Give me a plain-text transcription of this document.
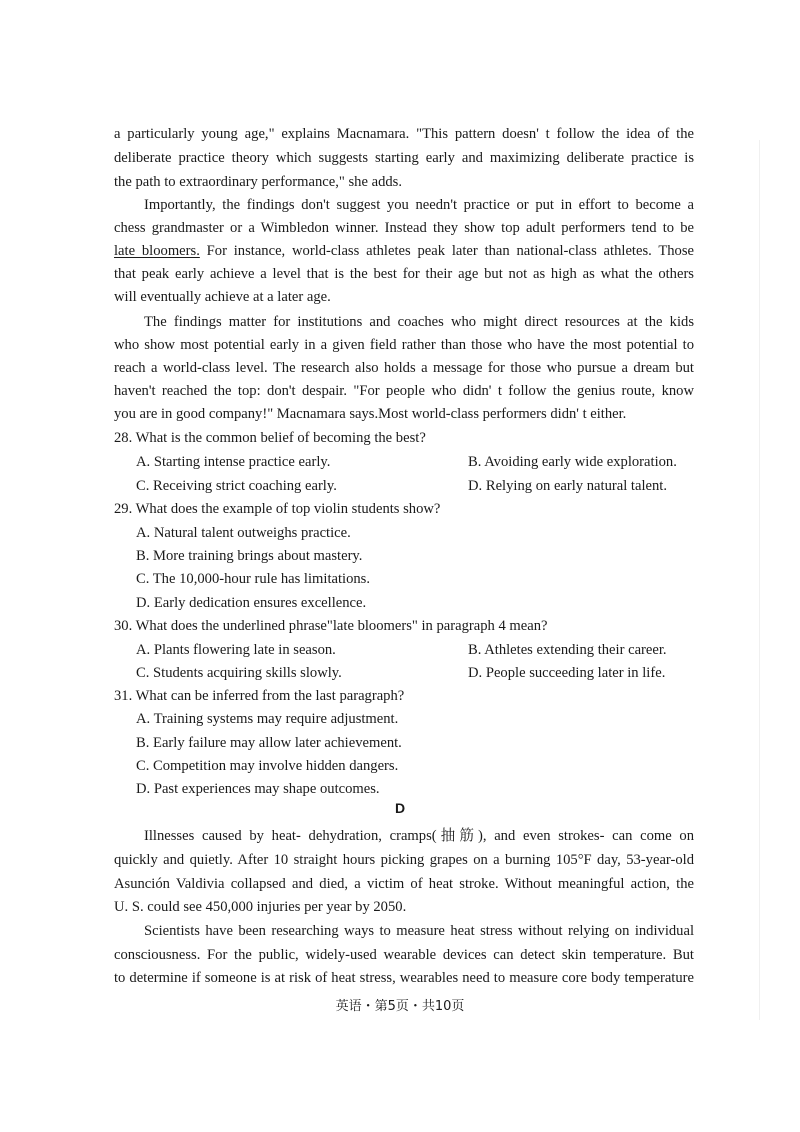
a particularly young age," explains Macnamara. "This pattern doesn' t follow the idea of the
deliberate practice theory which suggests starting early and maximizing deliberate practice is
the path to extraordinary performance," she adds.
Importantly, the findings don't suggest you needn't practice or put in effort to become a
chess grandmaster or a Wimbledon winner. Instead they show top adult performers tend to be
late bloomers. For instance, world-class athletes peak later than national-class athletes. Those
that peak early achieve a level that is the best for their age but not as high as what the others
will eventually achieve at a later age.
The findings matter for institutions and coaches who might direct resources at the kids
who show most potential early in a given field rather than those who have the most potential to
reach a world-class level. The research also holds a message for those who pursue a dream but
haven't reached the top: don't despair. "For people who didn' t follow the genius route, know
you are in good company!" Macnamara says.Most world-class performers didn' t either.
28. What is the common belief of becoming the best?
A. Starting intense practice early.	B. Avoiding early wide exploration.
C. Receiving strict coaching early.	D. Relying on early natural talent.
29. What does the example of top violin students show?
A. Natural talent outweighs practice.
B. More training brings about mastery.
C. The 10,000-hour rule has limitations.
D. Early dedication ensures excellence.
30. What does the underlined phrase"late bloomers" in paragraph 4 mean?
A. Plants flowering late in season.	B. Athletes extending their career.
C. Students acquiring skills slowly.	D. People succeeding later in life.
31. What can be inferred from the last paragraph?
A. Training systems may require adjustment.
B. Early failure may allow later achievement.
C. Competition may involve hidden dangers.
D. Past experiences may shape outcomes.
D
Illnesses caused by heat- dehydration, cramps(抽筋), and even strokes- can come on
quickly and quietly. After 10 straight hours picking grapes on a burning 105°F day, 53-year-old
Asunción Valdivia collapsed and died, a victim of heat stroke. Without meaningful action, the
U. S. could see 450,000 injuries per year by 2050.
Scientists have been researching ways to measure heat stress without relying on individual
consciousness. For the public, widely-used wearable devices can detect skin temperature. But
to determine if someone is at risk of heat stress, wearables need to measure core body temperature
英语・第5页・共10页
